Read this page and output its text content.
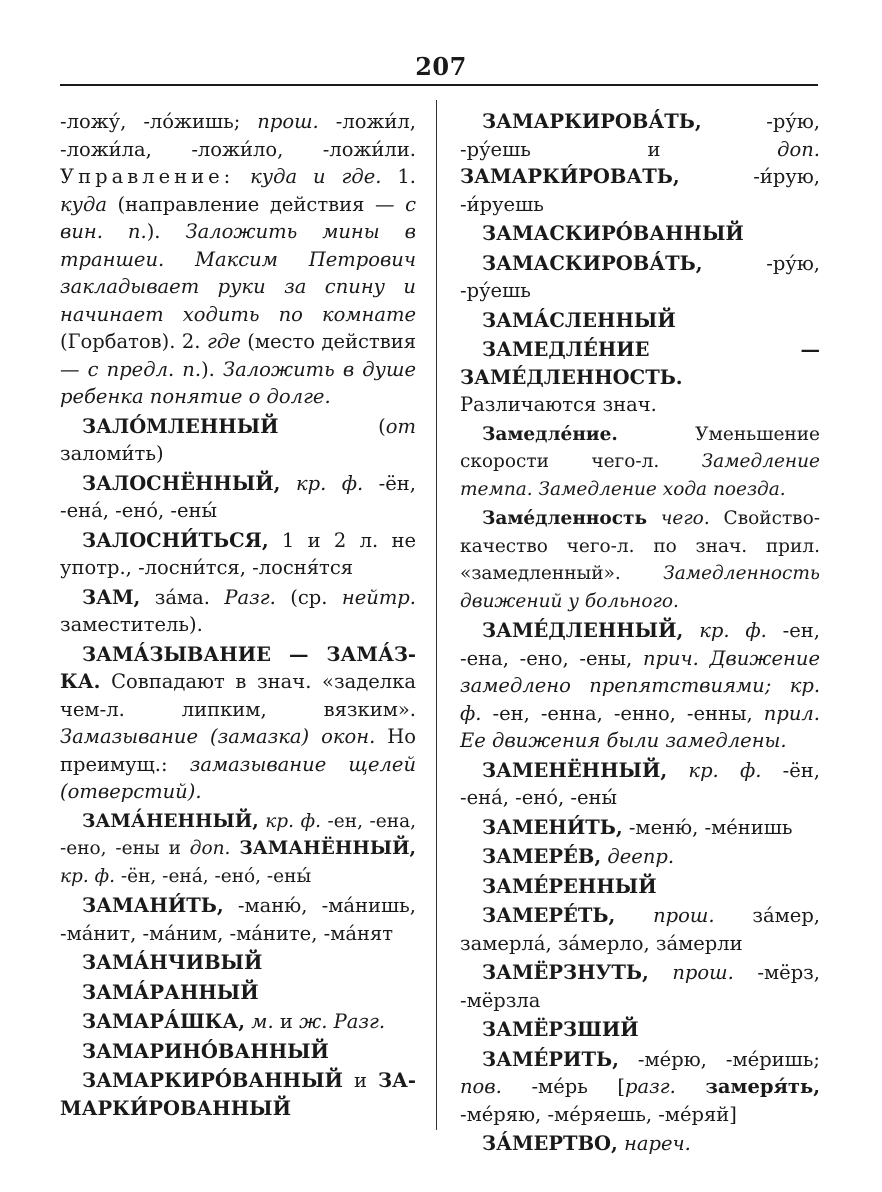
207

-ложу́, -ло́жишь; прош. -ложи́л, -ложи́ла, -ложи́ло, -ложи́ли. Управление: куда и где. 1. куда (направление действия — с вин. п.). Заложить мины в траншеи. Максим Петрович закладывает руки за спину и начинает ходить по комнате (Горбатов). 2. где (место действия — с предл. п.). Заложить в душе ребенка понятие о долге.

ЗАЛО́МЛЕННЫЙ (от заломи́ть)

ЗАЛОСНЁННЫЙ, кр. ф. -ён, -ена́, -ено́, -ены́

ЗАЛОСНИ́ТЬСЯ, 1 и 2 л. не употр., -лосни́тся, -лосня́тся

ЗАМ, за́ма. Разг. (ср. нейтр. заместитель).

ЗАМА́ЗЫВАНИЕ — ЗАМА́ЗКА. Совпадают в знач. «заделка чем-л. липким, вязким». Замазывание (замазка) окон. Но преимущ.: замазывание щелей (отверстий).

ЗАМА́НЕННЫЙ, кр. ф. -ен, -ена, -ено, -ены и доп. ЗАМАНЁННЫЙ, кр. ф. -ён, -ена́, -ено́, -ены́

ЗАМАНИ́ТЬ, -маню́, -ма́нишь, -ма́нит, -ма́ним, -ма́ните, -ма́нят

ЗАМА́НЧИВЫЙ

ЗАМА́РАННЫЙ

ЗАМАРА́ШКА, м. и ж. Разг.

ЗАМАРИНО́ВАННЫЙ

ЗАМАРКИРО́ВАННЫЙ и ЗАМАРКИ́РОВАННЫЙ

ЗАМАРКИРОВА́ТЬ, -ру́ю, -ру́ешь и доп. ЗАМАРКИ́РОВАТЬ, -и́рую, -и́руешь

ЗАМАСКИРО́ВАННЫЙ

ЗАМАСКИРОВА́ТЬ, -ру́ю, -ру́ешь

ЗАМА́СЛЕННЫЙ

ЗАМЕДЛЕ́НИЕ — ЗАМЕ́ДЛЕННОСТЬ. Различаются знач.

Замедле́ние. Уменьшение скорости чего-л. Замедление темпа. Замедление хода поезда.

Заме́дленность чего. Свойство-качество чего-л. по знач. прил. «замедленный». Замедленность движений у больного.

ЗАМЕ́ДЛЕННЫЙ, кр. ф. -ен, -ена, -ено, -ены, прич. Движение замедлено препятствиями; кр. ф. -ен, -енна, -енно, -енны, прил. Ее движения были замедлены.

ЗАМЕНЁННЫЙ, кр. ф. -ён, -ена́, -ено́, -ены́

ЗАМЕНИ́ТЬ, -меню́, -ме́нишь

ЗАМЕРЕ́В, деепр.

ЗАМЕ́РЕННЫЙ

ЗАМЕРЕ́ТЬ, прош. за́мер, замерла́, за́мерло, за́мерли

ЗАМЁРЗНУТЬ, прош. -мёрз, -мёрзла

ЗАМЁРЗШИЙ

ЗАМЕ́РИТЬ, -ме́рю, -ме́ришь; пов. -ме́рь [разг. замеря́ть, -ме́ряю, -ме́ряешь, -ме́ряй]

ЗА́МЕРТВО, нареч.
